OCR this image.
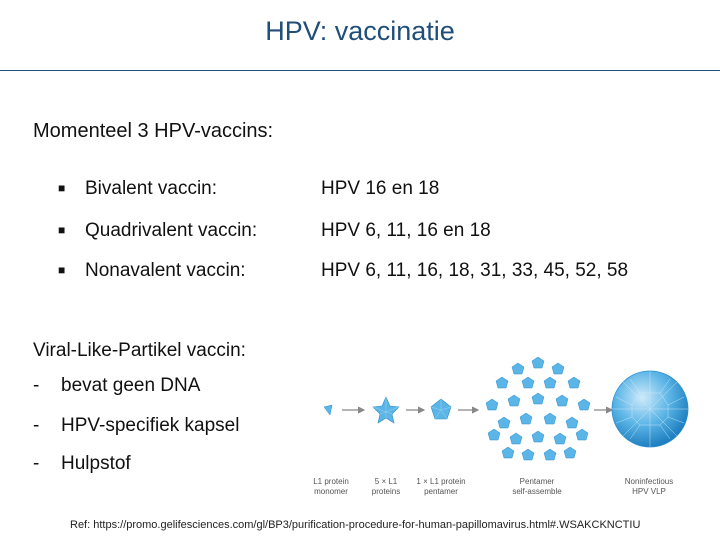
HPV: vaccinatie
Momenteel 3 HPV-vaccins:
■ Bivalent vaccin:	HPV 16 en 18
■ Quadrivalent vaccin:	HPV 6, 11, 16 en 18
■ Nonavalent vaccin:	HPV 6, 11, 16, 18, 31, 33, 45, 52, 58
Viral-Like-Partikel vaccin:
- bevat geen DNA
- HPV-specifiek kapsel
- Hulpstof
L1 protein
monomer
5 × L1
proteins
1 × L1 protein
pentamer
Pentamer
self-assemble
Noninfectious
HPV VLP
Ref: https://promo.gelifesciences.com/gl/BP3/purification-procedure-for-human-papillomavirus.html#.WSAKCKNCTIU
